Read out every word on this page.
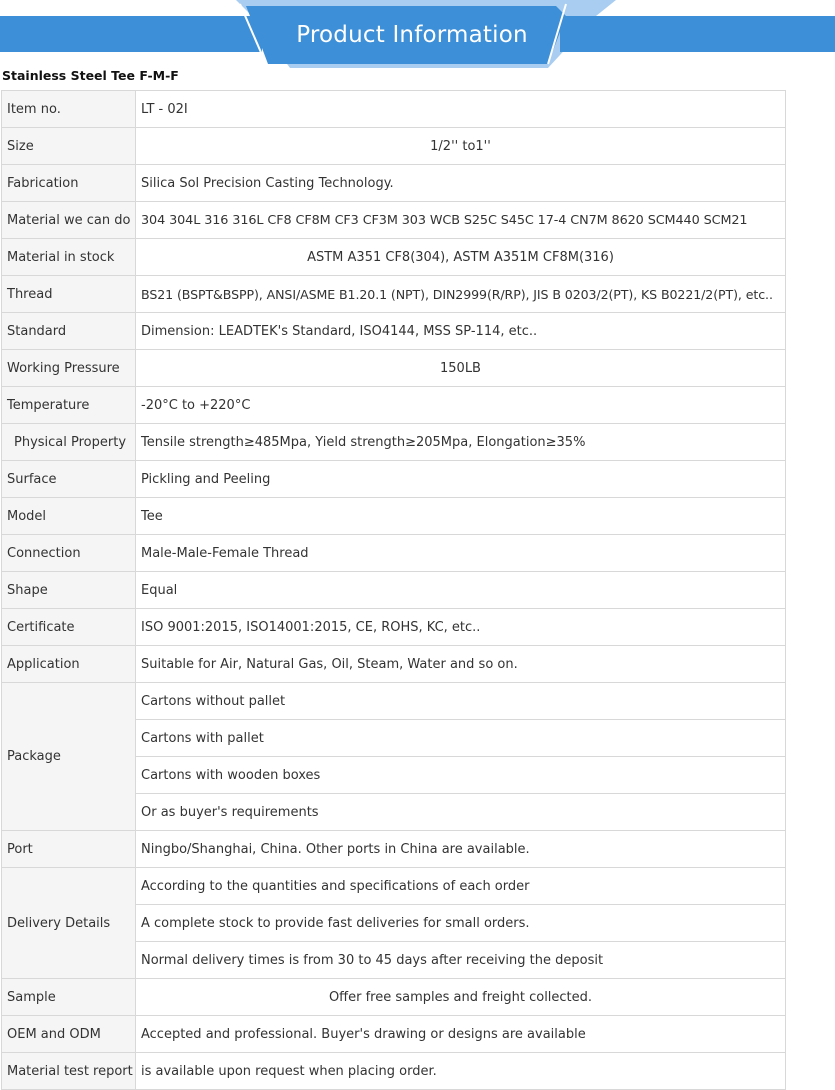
Product Information
Stainless Steel Tee F-M-F
Item no.	LT - 02I
Size	1/2'' to1''
Fabrication	Silica Sol Precision Casting Technology.
Material we can do	304 304L 316 316L CF8 CF8M CF3 CF3M 303 WCB S25C S45C 17-4 CN7M 8620 SCM440 SCM21
Material in stock	ASTM A351 CF8(304), ASTM A351M CF8M(316)
Thread	BS21 (BSPT&BSPP), ANSI/ASME B1.20.1 (NPT), DIN2999(R/RP), JIS B 0203/2(PT), KS B0221/2(PT), etc..
Standard	Dimension: LEADTEK's Standard, ISO4144, MSS SP-114, etc..
Working Pressure	150LB
Temperature	-20°C to +220°C
Physical Property	Tensile strength≥485Mpa, Yield strength≥205Mpa, Elongation≥35%
Surface	Pickling and Peeling
Model	Tee
Connection	Male-Male-Female Thread
Shape	Equal
Certificate	ISO 9001:2015, ISO14001:2015, CE, ROHS, KC, etc..
Application	Suitable for Air, Natural Gas, Oil, Steam, Water and so on.
Package	Cartons without pallet
	Cartons with pallet
	Cartons with wooden boxes
	Or as buyer's requirements
Port	Ningbo/Shanghai, China. Other ports in China are available.
Delivery Details	According to the quantities and specifications of each order
	A complete stock to provide fast deliveries for small orders.
	Normal delivery times is from 30 to 45 days after receiving the deposit
Sample	Offer free samples and freight collected.
OEM and ODM	Accepted and professional. Buyer's drawing or designs are available
Material test report	is available upon request when placing order.
